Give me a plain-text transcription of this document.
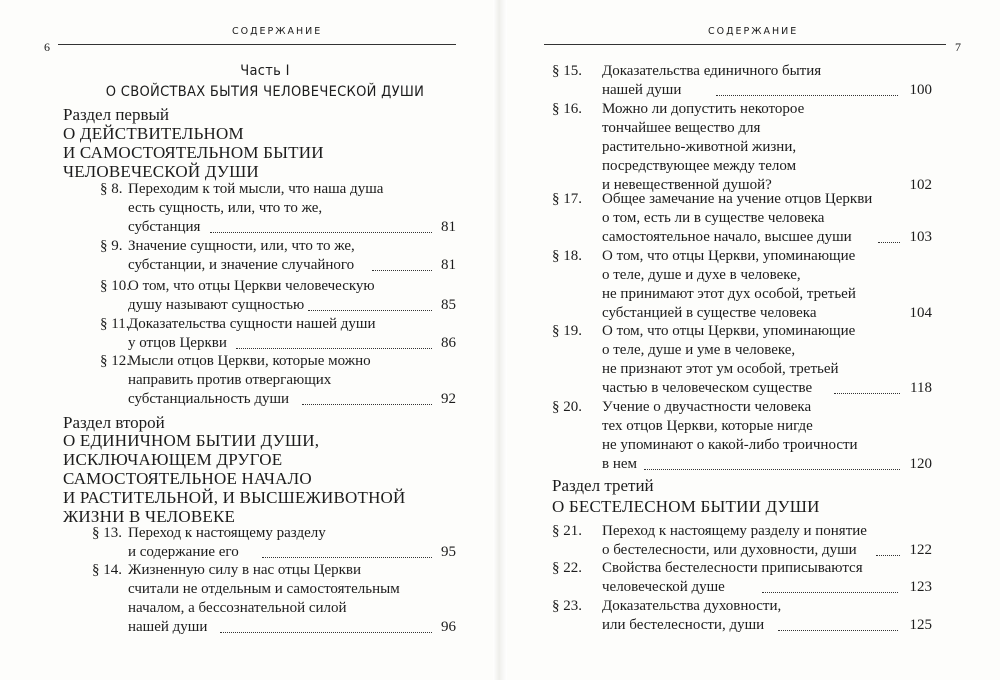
6
СОДЕРЖАНИЕ
Часть I
О СВОЙСТВАХ БЫТИЯ ЧЕЛОВЕЧЕСКОЙ ДУШИ
Раздел первый
О ДЕЙСТВИТЕЛЬНОМ
И САМОСТОЯТЕЛЬНОМ БЫТИИ
ЧЕЛОВЕЧЕСКОЙ ДУШИ
§ 8. Переходим к той мысли, что наша душа
есть сущность, или, что то же,
субстанция	81
§ 9. Значение сущности, или, что то же,
субстанции, и значение случайного	81
§ 10.
О том, что отцы Церкви человеческую
душу называют сущностью	85
§ 11.
Доказательства сущности нашей души
у отцов Церкви	86
§ 12.
Мысли отцов Церкви, которые можно
направить против отвергающих
субстанциальность души	92
Раздел второй
О ЕДИНИЧНОМ БЫТИИ ДУШИ,
ИСКЛЮЧАЮЩЕМ ДРУГОЕ
САМОСТОЯТЕЛЬНОЕ НАЧАЛО
И РАСТИТЕЛЬНОЙ, И ВЫСШЕЖИВОТНОЙ
ЖИЗНИ В ЧЕЛОВЕКЕ
§ 13. Переход к настоящему разделу
и содержание его	95
§ 14. Жизненную силу в нас отцы Церкви
считали не отдельным и самостоятельным
началом, а бессознательной силой
нашей души	96
СОДЕРЖАНИЕ
7
§ 15. Доказательства единичного бытия
нашей души	100
§ 16. Можно ли допустить некоторое
тончайшее вещество для
растительно-животной жизни,
посредствующее между телом
и невещественной душой?	102
§ 17. Общее замечание на учение отцов Церкви
о том, есть ли в существе человека
самостоятельное начало, высшее души	103
§ 18. О том, что отцы Церкви, упоминающие
о теле, душе и духе в человеке,
не принимают этот дух особой, третьей
субстанцией в существе человека	104
§ 19. О том, что отцы Церкви, упоминающие
о теле, душе и уме в человеке,
не признают этот ум особой, третьей
частью в человеческом существе	118
§ 20. Учение о двучастности человека
тех отцов Церкви, которые нигде
не упоминают о какой-либо троичности
в нем	120
Раздел третий
О БЕСТЕЛЕСНОМ БЫТИИ ДУШИ
§ 21. Переход к настоящему разделу и понятие
о бестелесности, или духовности, души	122
§ 22. Свойства бестелесности приписываются
человеческой душе	123
§ 23. Доказательства духовности,
или бестелесности, души	125
